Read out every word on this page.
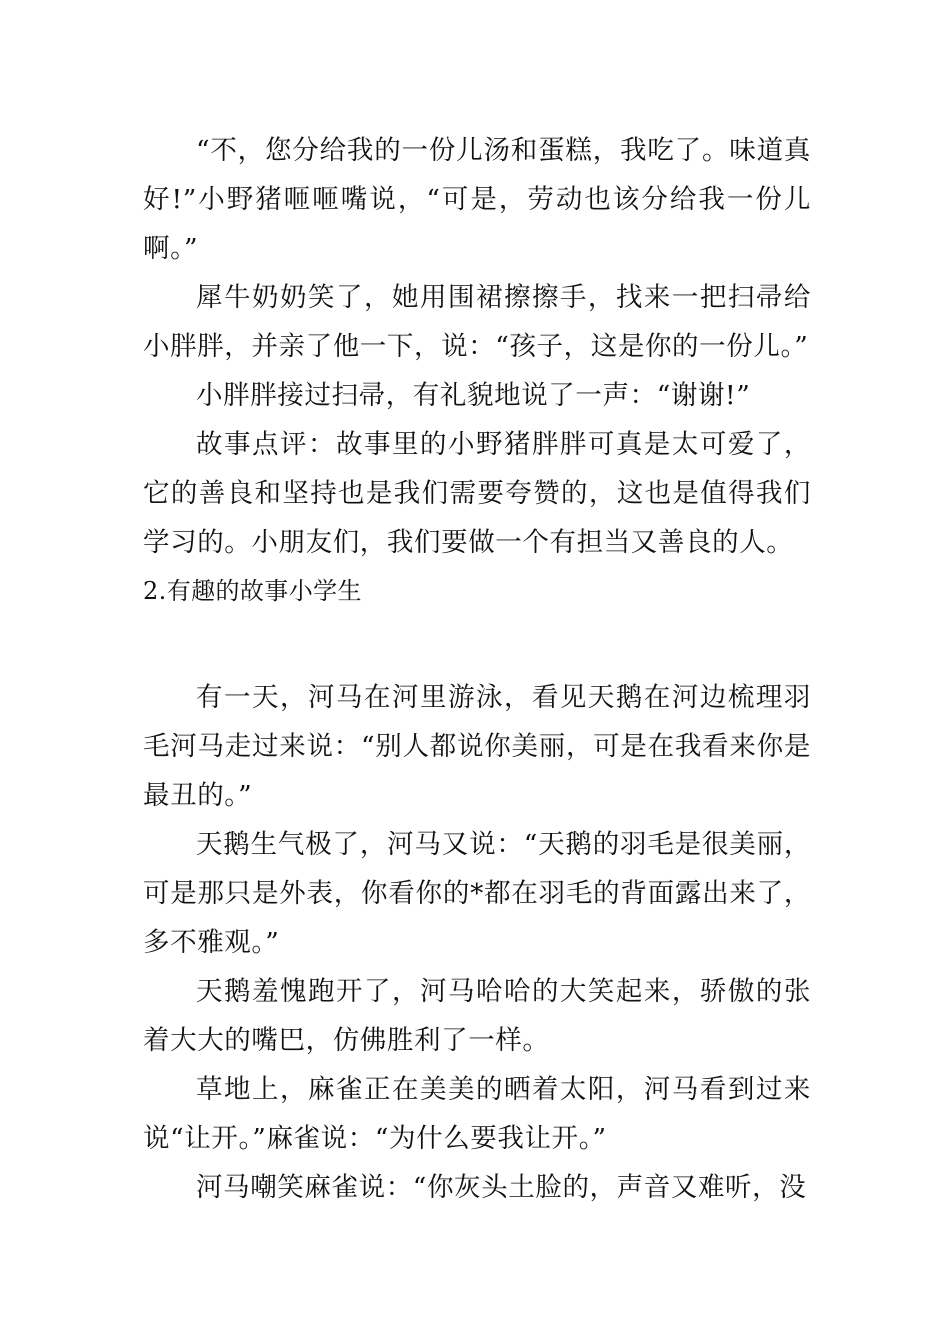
“不，您分给我的一份儿汤和蛋糕，我吃了。味道真好!”小野猪咂咂嘴说，“可是，劳动也该分给我一份儿啊。”

犀牛奶奶笑了，她用围裙擦擦手，找来一把扫帚给小胖胖，并亲了他一下，说：“孩子，这是你的一份儿。”

小胖胖接过扫帚，有礼貌地说了一声：“谢谢!”

故事点评：故事里的小野猪胖胖可真是太可爱了，它的善良和坚持也是我们需要夸赞的，这也是值得我们学习的。小朋友们，我们要做一个有担当又善良的人。

2.有趣的故事小学生

有一天，河马在河里游泳，看见天鹅在河边梳理羽毛河马走过来说：“别人都说你美丽，可是在我看来你是最丑的。”

天鹅生气极了，河马又说：“天鹅的羽毛是很美丽，可是那只是外表，你看你的*都在羽毛的背面露出来了，多不雅观。”

天鹅羞愧跑开了，河马哈哈的大笑起来，骄傲的张着大大的嘴巴，仿佛胜利了一样。

草地上，麻雀正在美美的晒着太阳，河马看到过来说“让开。”麻雀说：“为什么要我让开。”

河马嘲笑麻雀说：“你灰头土脸的，声音又难听，没
